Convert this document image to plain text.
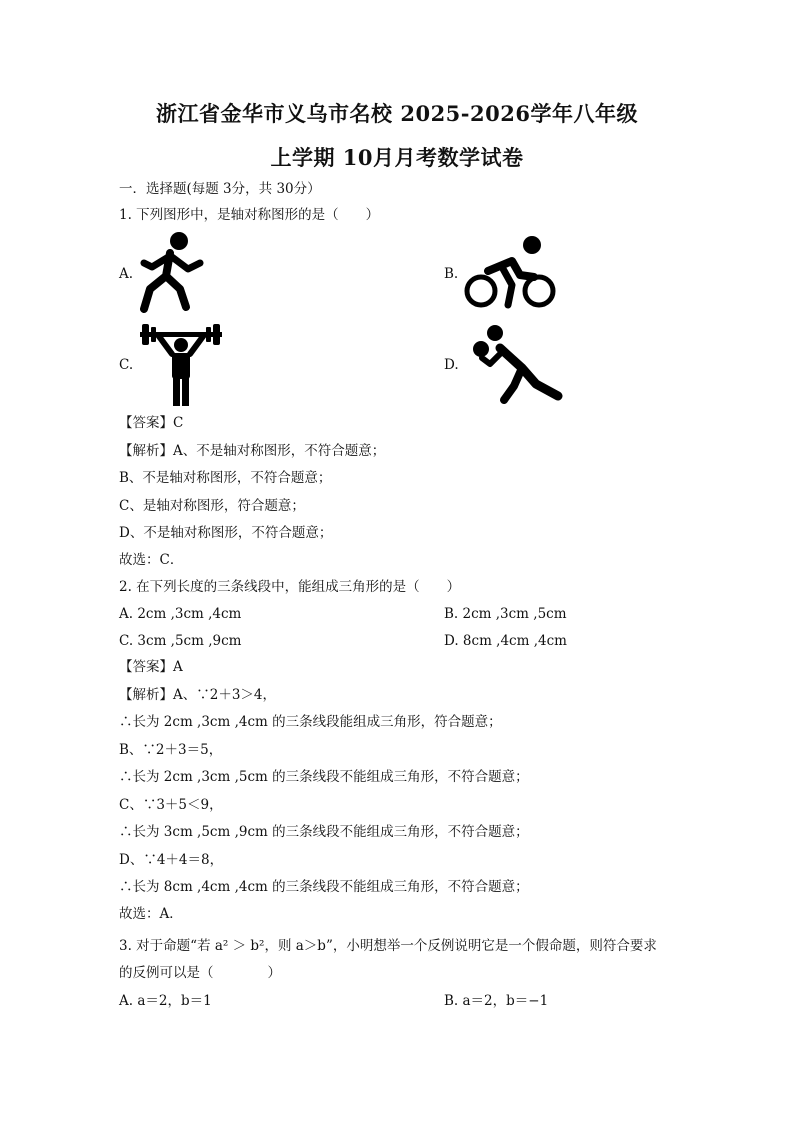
浙江省金华市义乌市名校 2025-2026学年八年级
上学期 10月月考数学试卷
一．选择题(每题 3分，共 30分）
1. 下列图形中，是轴对称图形的是（　　）
A.	B.
C.	D.
【答案】C
【解析】A、不是轴对称图形，不符合题意；
B、不是轴对称图形，不符合题意；
C、是轴对称图形，符合题意；
D、不是轴对称图形，不符合题意；
故选：C．
2. 在下列长度的三条线段中，能组成三角形的是（　　）
A. 2cm ,3cm ,4cm	B. 2cm ,3cm ,5cm
C. 3cm ,5cm ,9cm	D. 8cm ,4cm ,4cm
【答案】A
【解析】A、∵2＋3＞4，
∴长为 2cm ,3cm ,4cm 的三条线段能组成三角形，符合题意；
B、∵2＋3＝5，
∴长为 2cm ,3cm ,5cm 的三条线段不能组成三角形，不符合题意；
C、∵3＋5＜9，
∴长为 3cm ,5cm ,9cm 的三条线段不能组成三角形，不符合题意；
D、∵4＋4＝8，
∴长为 8cm ,4cm ,4cm 的三条线段不能组成三角形，不符合题意；
故选：A．
3. 对于命题“若 a² ＞ b²，则 a＞b”，小明想举一个反例说明它是一个假命题，则符合要求
的反例可以是（　　　　）
A. a＝2，b＝1	B. a＝2，b＝−1
